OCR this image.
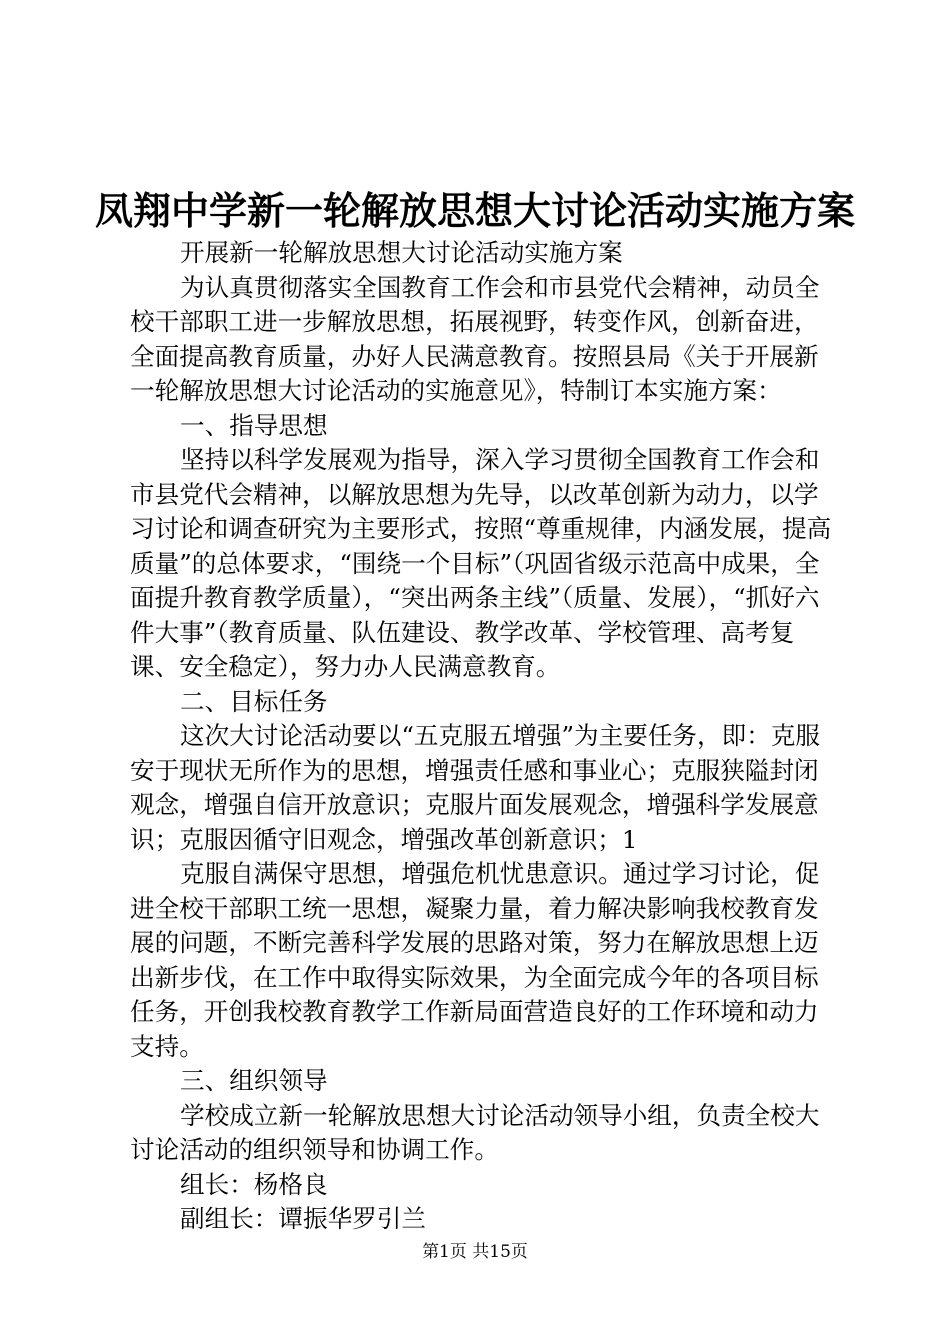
凤翔中学新一轮解放思想大讨论活动实施方案

开展新一轮解放思想大讨论活动实施方案

为认真贯彻落实全国教育工作会和市县党代会精神，动员全校干部职工进一步解放思想，拓展视野，转变作风，创新奋进，全面提高教育质量，办好人民满意教育。按照县局《关于开展新一轮解放思想大讨论活动的实施意见》，特制订本实施方案：

一、指导思想

坚持以科学发展观为指导，深入学习贯彻全国教育工作会和市县党代会精神，以解放思想为先导，以改革创新为动力，以学习讨论和调查研究为主要形式，按照“尊重规律，内涵发展，提高质量”的总体要求，“围绕一个目标”（巩固省级示范高中成果，全面提升教育教学质量），“突出两条主线”（质量、发展），“抓好六件大事”（教育质量、队伍建设、教学改革、学校管理、高考复课、安全稳定），努力办人民满意教育。

二、目标任务

这次大讨论活动要以“五克服五增强”为主要任务，即：克服安于现状无所作为的思想，增强责任感和事业心；克服狭隘封闭观念，增强自信开放意识；克服片面发展观念，增强科学发展意识；克服因循守旧观念，增强改革创新意识；1

克服自满保守思想，增强危机忧患意识。通过学习讨论，促进全校干部职工统一思想，凝聚力量，着力解决影响我校教育发展的问题，不断完善科学发展的思路对策，努力在解放思想上迈出新步伐，在工作中取得实际效果，为全面完成今年的各项目标任务，开创我校教育教学工作新局面营造良好的工作环境和动力支持。

三、组织领导

学校成立新一轮解放思想大讨论活动领导小组，负责全校大讨论活动的组织领导和协调工作。

组长：杨格良

副组长：谭振华罗引兰

第1页 共15页
